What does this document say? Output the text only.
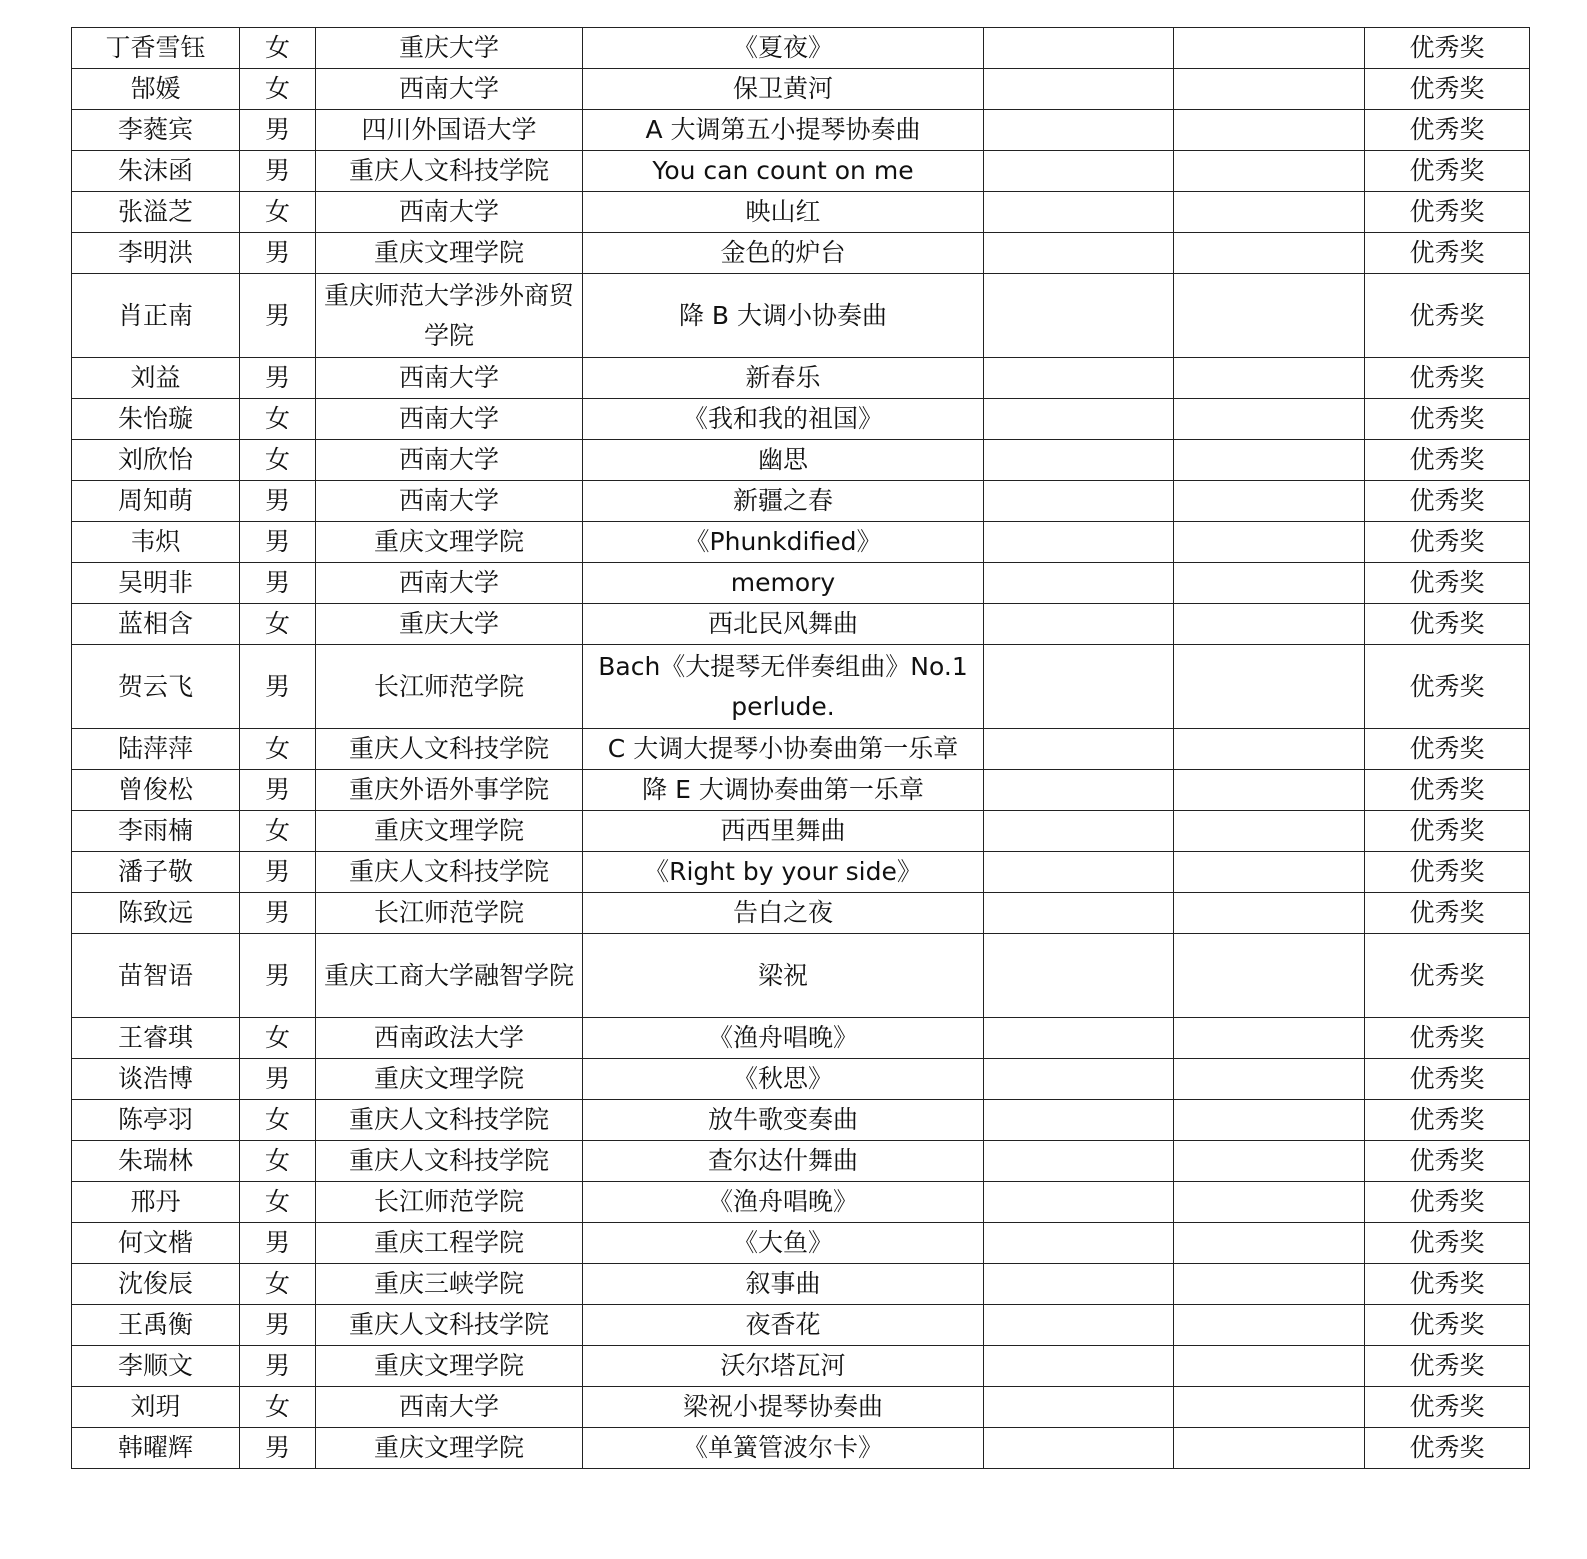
丁香雪钰	女	重庆大学	《夏夜》			优秀奖
郜媛	女	西南大学	保卫黄河			优秀奖
李蕤宾	男	四川外国语大学	A 大调第五小提琴协奏曲			优秀奖
朱沫函	男	重庆人文科技学院	You can count on me			优秀奖
张溢芝	女	西南大学	映山红			优秀奖
李明洪	男	重庆文理学院	金色的炉台			优秀奖
肖正南	男	重庆师范大学涉外商贸学院	降 B 大调小协奏曲			优秀奖
刘益	男	西南大学	新春乐			优秀奖
朱怡璇	女	西南大学	《我和我的祖国》			优秀奖
刘欣怡	女	西南大学	幽思			优秀奖
周知萌	男	西南大学	新疆之春			优秀奖
韦炽	男	重庆文理学院	《Phunkdified》			优秀奖
吴明非	男	西南大学	memory			优秀奖
蓝相含	女	重庆大学	西北民风舞曲			优秀奖
贺云飞	男	长江师范学院	Bach《大提琴无伴奏组曲》No.1 perlude.			优秀奖
陆萍萍	女	重庆人文科技学院	C 大调大提琴小协奏曲第一乐章			优秀奖
曾俊松	男	重庆外语外事学院	降 E 大调协奏曲第一乐章			优秀奖
李雨楠	女	重庆文理学院	西西里舞曲			优秀奖
潘子敬	男	重庆人文科技学院	《Right by your side》			优秀奖
陈致远	男	长江师范学院	告白之夜			优秀奖
苗智语	男	重庆工商大学融智学院	梁祝			优秀奖
王睿琪	女	西南政法大学	《渔舟唱晚》			优秀奖
谈浩博	男	重庆文理学院	《秋思》			优秀奖
陈亭羽	女	重庆人文科技学院	放牛歌变奏曲			优秀奖
朱瑞林	女	重庆人文科技学院	查尔达什舞曲			优秀奖
邢丹	女	长江师范学院	《渔舟唱晚》			优秀奖
何文楷	男	重庆工程学院	《大鱼》			优秀奖
沈俊辰	女	重庆三峡学院	叙事曲			优秀奖
王禹衡	男	重庆人文科技学院	夜香花			优秀奖
李顺文	男	重庆文理学院	沃尔塔瓦河			优秀奖
刘玥	女	西南大学	梁祝小提琴协奏曲			优秀奖
韩曜辉	男	重庆文理学院	《单簧管波尔卡》			优秀奖
